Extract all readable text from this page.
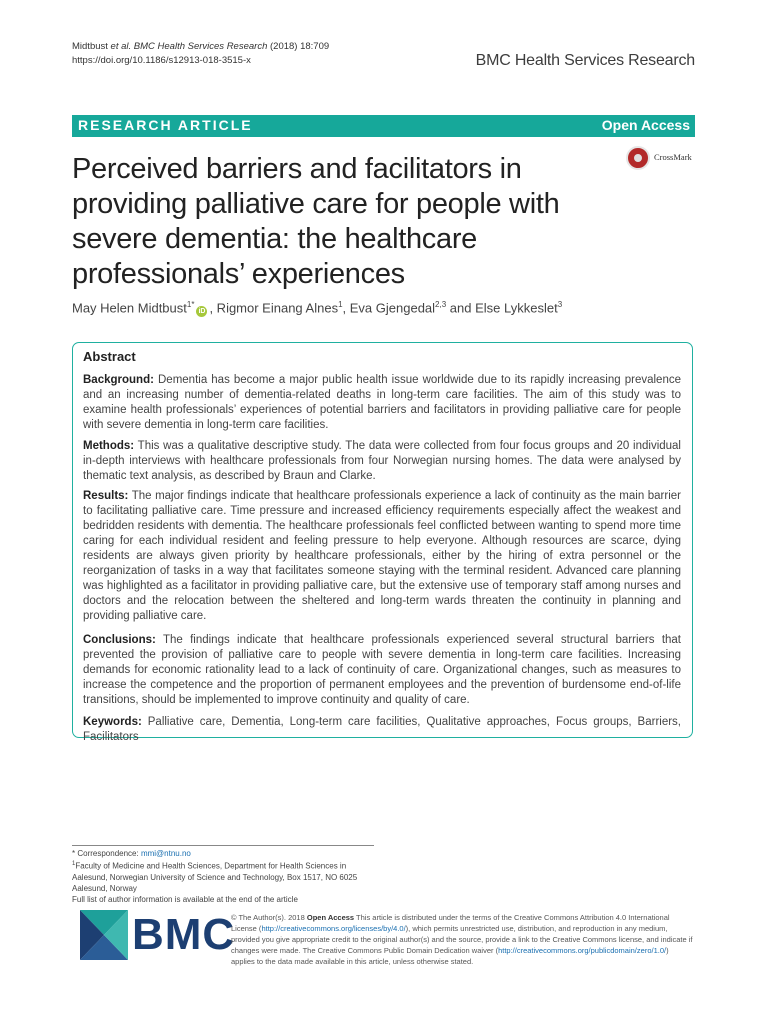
Midtbust et al. BMC Health Services Research (2018) 18:709
https://doi.org/10.1186/s12913-018-3515-x	BMC Health Services Research
RESEARCH ARTICLE	Open Access
CrossMark
Perceived barriers and facilitators in providing palliative care for people with severe dementia: the healthcare professionals’ experiences
May Helen Midtbust$^{1*}$iD , Rigmor Einang Alnes$^1$, Eva Gjengedal$^{2,3}$ and Else Lykkeslet$^3$
Abstract

Background: Dementia has become a major public health issue worldwide due to its rapidly increasing prevalence and an increasing number of dementia-related deaths in long-term care facilities. The aim of this study was to examine health professionals’ experiences of potential barriers and facilitators in providing palliative care for people with severe dementia in long-term care facilities.

Methods: This was a qualitative descriptive study. The data were collected from four focus groups and 20 individual in-depth interviews with healthcare professionals from four Norwegian nursing homes. The data were analysed by thematic text analysis, as described by Braun and Clarke.

Results: The major findings indicate that healthcare professionals experience a lack of continuity as the main barrier to facilitating palliative care. Time pressure and increased efficiency requirements especially affect the weakest and bedridden residents with dementia. The healthcare professionals feel conflicted between wanting to spend more time caring for each individual resident and feeling pressure to help everyone. Although resources are scarce, dying residents are always given priority by healthcare professionals, either by the hiring of extra personnel or the reorganization of tasks in a way that facilitates someone staying with the terminal resident. Advanced care planning was highlighted as a facilitator in providing palliative care, but the extensive use of temporary staff among nurses and doctors and the relocation between the sheltered and long-term wards threaten the continuity in planning and providing palliative care.

Conclusions: The findings indicate that healthcare professionals experienced several structural barriers that prevented the provision of palliative care to people with severe dementia in long-term care facilities. Increasing demands for economic rationality lead to a lack of continuity of care. Organizational changes, such as measures to increase the competence and the proportion of permanent employees and the prevention of burdensome end-of-life transitions, should be implemented to improve continuity and quality of care.

Keywords: Palliative care, Dementia, Long-term care facilities, Qualitative approaches, Focus groups, Barriers, Facilitators

* Correspondence: mmi@ntnu.no
$^1$Faculty of Medicine and Health Sciences, Department for Health Sciences in Aalesund, Norwegian University of Science and Technology, Box 1517, NO 6025 Aalesund, Norway
Full list of author information is available at the end of the article
BMC
© The Author(s). 2018 Open Access This article is distributed under the terms of the Creative Commons Attribution 4.0 International License (http://creativecommons.org/licenses/by/4.0/), which permits unrestricted use, distribution, and reproduction in any medium, provided you give appropriate credit to the original author(s) and the source, provide a link to the Creative Commons license, and indicate if changes were made. The Creative Commons Public Domain Dedication waiver (http://creativecommons.org/publicdomain/zero/1.0/) applies to the data made available in this article, unless otherwise stated.
